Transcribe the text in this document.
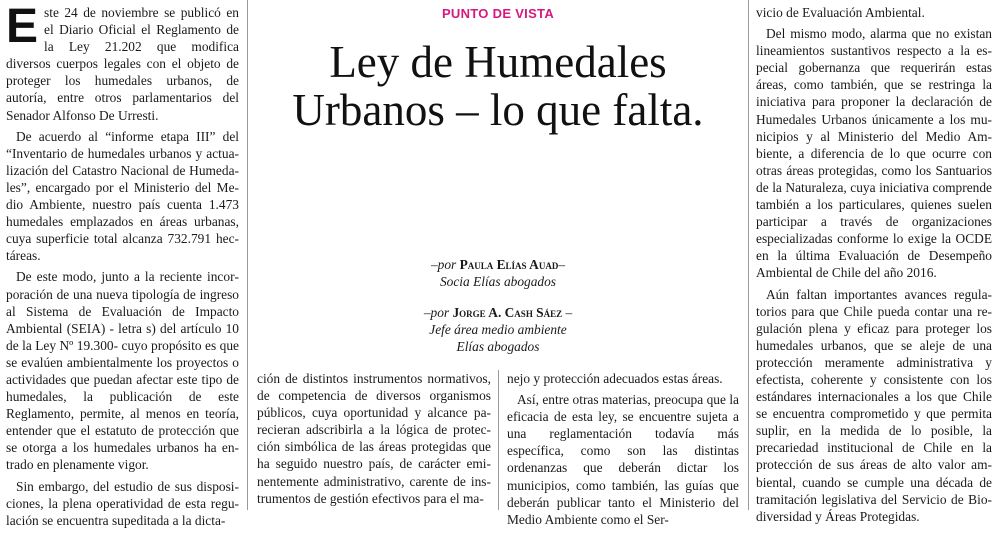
Este 24 de noviembre se publicó en el Diario Oficial el Reglamento de la Ley 21.202 que modifica diversos cuerpos legales con el objeto de proteger los humedales urbanos, de autoría, entre otros parlamentarios del Senador Alfonso De Urresti.

De acuerdo al “informe etapa III” del “Inventario de humedales urbanos y actualización del Catastro Nacional de Humedales”, encargado por el Ministerio del Medio Ambiente, nuestro país cuenta 1.473 humedales emplazados en áreas urbanas, cuya superficie total alcanza 732.791 hectáreas.

De este modo, junto a la reciente incorporación de una nueva tipología de ingreso al Sistema de Evaluación de Impacto Ambiental (SEIA) - letra s) del artículo 10 de la Ley Nº 19.300- cuyo propósito es que se evalúen ambientalmente los proyectos o actividades que puedan afectar este tipo de humedales, la publicación de este Reglamento, permite, al menos en teoría, entender que el estatuto de protección que se otorga a los humedales urbanos ha entrado en plenamente vigor.

Sin embargo, del estudio de sus disposiciones, la plena operatividad de esta regulación se encuentra supeditada a la dicta-

PUNTO DE VISTA
Ley de Humedales Urbanos – lo que falta.
–por Paula Elías Auad–
Socia Elías abogados
–por Jorge A. Cash Sáez –
Jefe área medio ambiente
Elías abogados

ción de distintos instrumentos normativos, de competencia de diversos organismos públicos, cuya oportunidad y alcance parecieran adscribirla a la lógica de protección simbólica de las áreas protegidas que ha seguido nuestro país, de carácter eminentemente administrativo, carente de instrumentos de gestión efectivos para el ma-

nejo y protección adecuados estas áreas.

Así, entre otras materias, preocupa que la eficacia de esta ley, se encuentre sujeta a una reglamentación todavía más específica, como son las distintas ordenanzas que deberán dictar los municipios, como también, las guías que deberán publicar tanto el Ministerio del Medio Ambiente como el Ser-

vicio de Evaluación Ambiental.

Del mismo modo, alarma que no existan lineamientos sustantivos respecto a la especial gobernanza que requerirán estas áreas, como también, que se restringa la iniciativa para proponer la declaración de Humedales Urbanos únicamente a los municipios y al Ministerio del Medio Ambiente, a diferencia de lo que ocurre con otras áreas protegidas, como los Santuarios de la Naturaleza, cuya iniciativa comprende también a los particulares, quienes suelen participar a través de organizaciones especializadas conforme lo exige la OCDE en la última Evaluación de Desempeño Ambiental de Chile del año 2016.

Aún faltan importantes avances regulatorios para que Chile pueda contar una regulación plena y eficaz para proteger los humedales urbanos, que se aleje de una protección meramente administrativa y efectista, coherente y consistente con los estándares internacionales a los que Chile se encuentra comprometido y que permita suplir, en la medida de lo posible, la precariedad institucional de Chile en la protección de sus áreas de alto valor ambiental, cuando se cumple una década de tramitación legislativa del Servicio de Biodiversidad y Áreas Protegidas.
